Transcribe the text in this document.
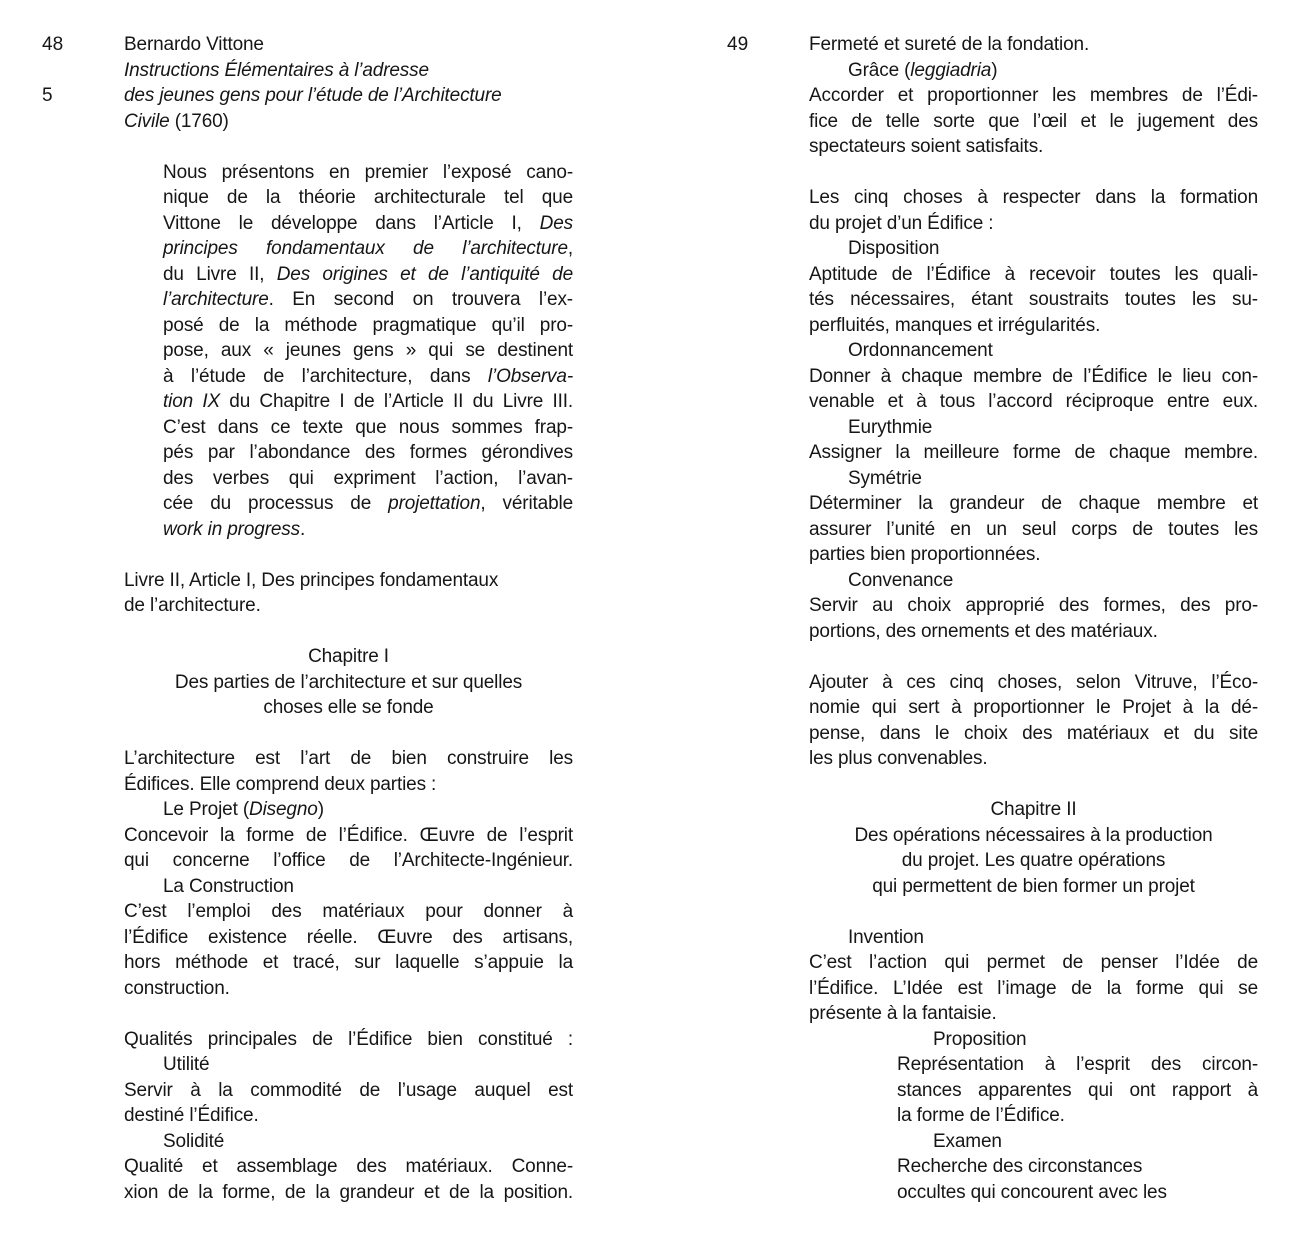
48
5
Bernardo Vittone
Instructions Élémentaires à l’adresse
des jeunes gens pour l’étude de l’Architecture
Civile (1760)
Nous présentons en premier l’exposé cano-
nique de la théorie architecturale tel que
Vittone le développe dans l’Article I, Des
principes fondamentaux de l’architecture,
du Livre II, Des origines et de l’antiquité de
l’architecture. En second on trouvera l’ex-
posé de la méthode pragmatique qu’il pro-
pose, aux « jeunes gens » qui se destinent
à l’étude de l’architecture, dans l’Observa-
tion IX du Chapitre I de l’Article II du Livre III.
C’est dans ce texte que nous sommes frap-
pés par l’abondance des formes gérondives
des verbes qui expriment l’action, l’avan-
cée du processus de projettation, véritable
work in progress.
Livre II, Article I, Des principes fondamentaux
de l’architecture.
Chapitre I
Des parties de l’architecture et sur quelles
choses elle se fonde
L’architecture est l’art de bien construire les
Édifices. Elle comprend deux parties :
Le Projet (Disegno)
Concevoir la forme de l’Édifice. Œuvre de l’esprit
qui concerne l’office de l’Architecte-Ingénieur.
La Construction
C’est l’emploi des matériaux pour donner à
l’Édifice existence réelle. Œuvre des artisans,
hors méthode et tracé, sur laquelle s’appuie la
construction.
Qualités principales de l’Édifice bien constitué :
Utilité
Servir à la commodité de l’usage auquel est
destiné l’Édifice.
Solidité
Qualité et assemblage des matériaux. Conne-
xion de la forme, de la grandeur et de la position.
49	Fermeté et sureté de la fondation.
Grâce (leggiadria)
Accorder et proportionner les membres de l’Édi-
fice de telle sorte que l’œil et le jugement des
spectateurs soient satisfaits.
Les cinq choses à respecter dans la formation
du projet d’un Édifice :
Disposition
Aptitude de l’Édifice à recevoir toutes les quali-
tés nécessaires, étant soustraits toutes les su-
perfluités, manques et irrégularités.
Ordonnancement
Donner à chaque membre de l’Édifice le lieu con-
venable et à tous l’accord réciproque entre eux.
Eurythmie
Assigner la meilleure forme de chaque membre.
Symétrie
Déterminer la grandeur de chaque membre et
assurer l’unité en un seul corps de toutes les
parties bien proportionnées.
Convenance
Servir au choix approprié des formes, des pro-
portions, des ornements et des matériaux.
Ajouter à ces cinq choses, selon Vitruve, l’Éco-
nomie qui sert à proportionner le Projet à la dé-
pense, dans le choix des matériaux et du site
les plus convenables.
Chapitre II
Des opérations nécessaires à la production
du projet. Les quatre opérations
qui permettent de bien former un projet
Invention
C’est l’action qui permet de penser l’Idée de
l’Édifice. L’Idée est l’image de la forme qui se
présente à la fantaisie.
Proposition
Représentation à l’esprit des circon-
stances apparentes qui ont rapport à
la forme de l’Édifice.
Examen
Recherche des circonstances
occultes qui concourent avec les
